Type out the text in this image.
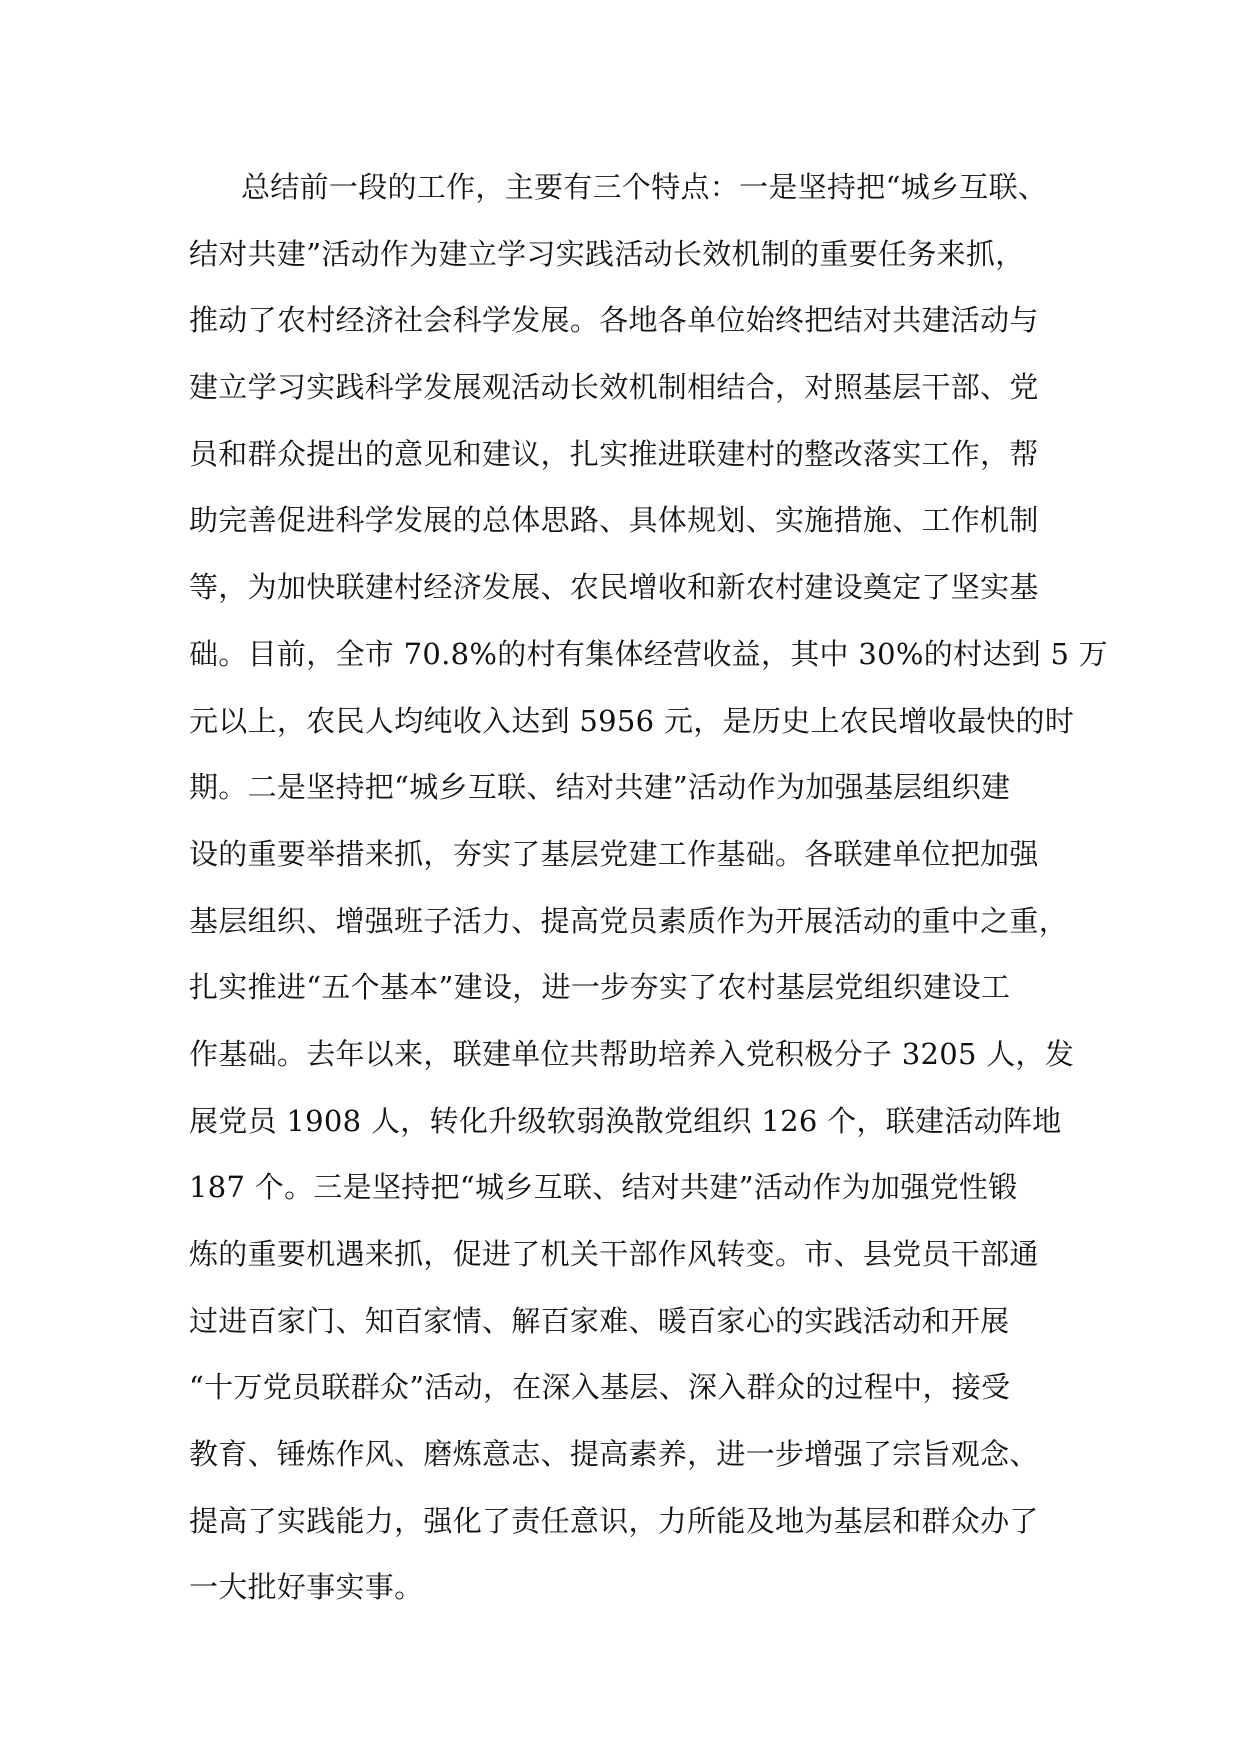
总结前一段的工作，主要有三个特点：一是坚持把“城乡互联、
结对共建”活动作为建立学习实践活动长效机制的重要任务来抓，
推动了农村经济社会科学发展。各地各单位始终把结对共建活动与
建立学习实践科学发展观活动长效机制相结合，对照基层干部、党
员和群众提出的意见和建议，扎实推进联建村的整改落实工作，帮
助完善促进科学发展的总体思路、具体规划、实施措施、工作机制
等，为加快联建村经济发展、农民增收和新农村建设奠定了坚实基
础。目前，全市 70.8%的村有集体经营收益，其中 30%的村达到 5 万
元以上，农民人均纯收入达到 5956 元，是历史上农民增收最快的时
期。二是坚持把“城乡互联、结对共建”活动作为加强基层组织建
设的重要举措来抓，夯实了基层党建工作基础。各联建单位把加强
基层组织、增强班子活力、提高党员素质作为开展活动的重中之重，
扎实推进“五个基本”建设，进一步夯实了农村基层党组织建设工
作基础。去年以来，联建单位共帮助培养入党积极分子 3205 人，发
展党员 1908 人，转化升级软弱涣散党组织 126 个，联建活动阵地
187 个。三是坚持把“城乡互联、结对共建”活动作为加强党性锻
炼的重要机遇来抓，促进了机关干部作风转变。市、县党员干部通
过进百家门、知百家情、解百家难、暖百家心的实践活动和开展
“十万党员联群众”活动，在深入基层、深入群众的过程中，接受
教育、锤炼作风、磨炼意志、提高素养，进一步增强了宗旨观念、
提高了实践能力，强化了责任意识，力所能及地为基层和群众办了
一大批好事实事。
